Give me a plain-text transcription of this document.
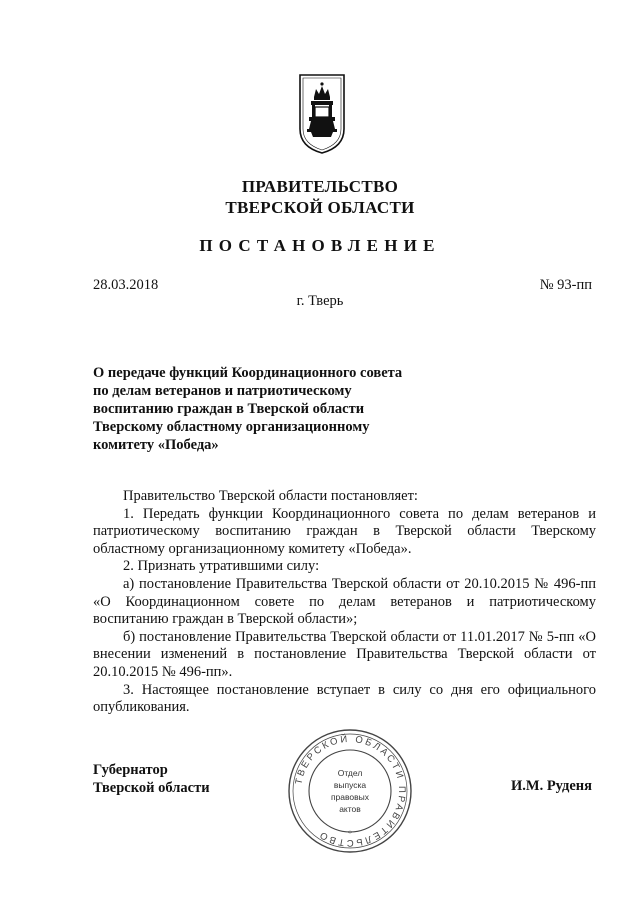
ПРАВИТЕЛЬСТВО
ТВЕРСКОЙ ОБЛАСТИ
ПОСТАНОВЛЕНИЕ
28.03.2018	№ 93-пп
г. Тверь
О передаче функций Координационного совета
по делам ветеранов и патриотическому
воспитанию граждан в Тверской области
Тверскому областному организационному
комитету «Победа»

Правительство Тверской области постановляет:

1. Передать функции Координационного совета по делам ветеранов и патриотическому воспитанию граждан в Тверской области Тверскому областному организационному комитету «Победа».

2. Признать утратившими силу:

а) постановление Правительства Тверской области от 20.10.2015 № 496-пп «О Координационном совете по делам ветеранов и патриотическому воспитанию граждан в Тверской области»;

б) постановление Правительства Тверской области от 11.01.2017 № 5-пп «О внесении изменений в постановление Правительства Тверской области от 20.10.2015 № 496-пп».

3. Настоящее постановление вступает в силу со дня его официального опубликования.

Губернатор
Тверской области	ТВЕРСКОЙ ОБЛАСТИ ПРАВИТЕЛЬСТВО	*
Отдел
выпуска
правовых
актов
И.М. Руденя
